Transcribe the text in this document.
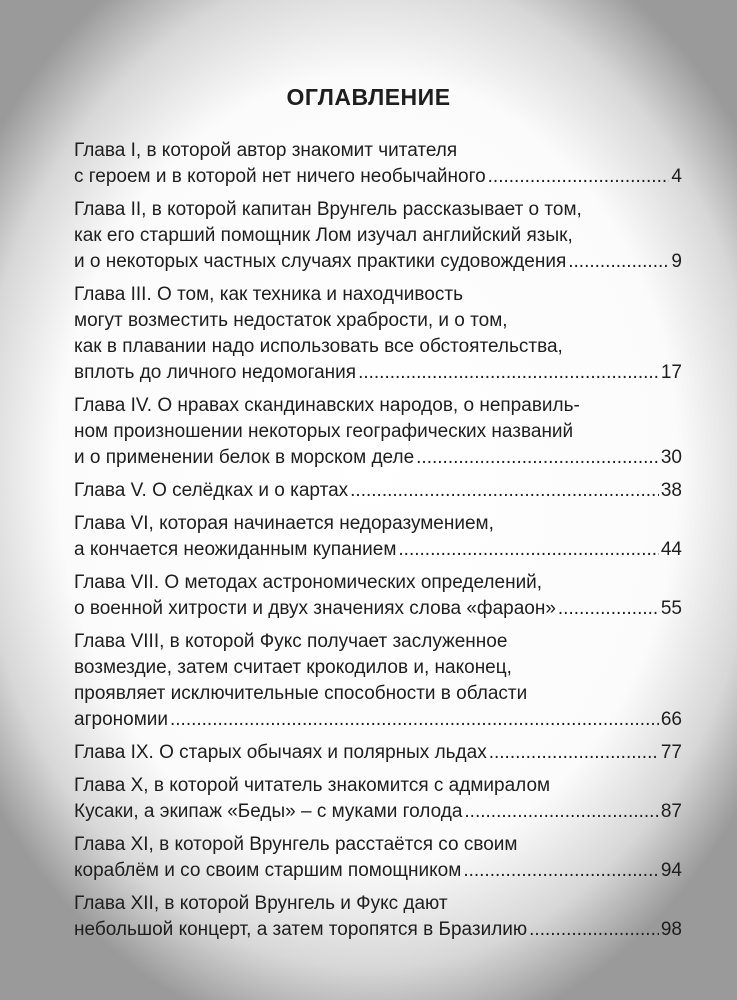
ОГЛАВЛЕНИЕ
Глава I, в которой автор знакомит читателя
с героем и в которой нет ничего необычайного .....	4
Глава II, в которой капитан Врунгель рассказывает о том,
как его старший помощник Лом изучал английский язык,
и о некоторых частных случаях практики судовождения .....	9
Глава III. О том, как техника и находчивость
могут возместить недостаток храбрости, и о том,
как в плавании надо использовать все обстоятельства,
вплоть до личного недомогания .....	17
Глава IV. О нравах скандинавских народов, о неправиль-
ном произношении некоторых географических названий
и о применении белок в морском деле .....	30
Глава V. О селёдках и о картах .....	38
Глава VI, которая начинается недоразумением,
а кончается неожиданным купанием .....	44
Глава VII. О методах астрономических определений,
о военной хитрости и двух значениях слова «фараон» .....	55
Глава VIII, в которой Фукс получает заслуженное
возмездие, затем считает крокодилов и, наконец,
проявляет исключительные способности в области
агрономии .....	66
Глава IX. О старых обычаях и полярных льдах .....	77
Глава X, в которой читатель знакомится с адмиралом
Кусаки, а экипаж «Беды» – с муками голода .....	87
Глава XI, в которой Врунгель расстаётся со своим
кораблём и со своим старшим помощником .....	94
Глава XII, в которой Врунгель и Фукс дают
небольшой концерт, а затем торопятся в Бразилию .....	98
